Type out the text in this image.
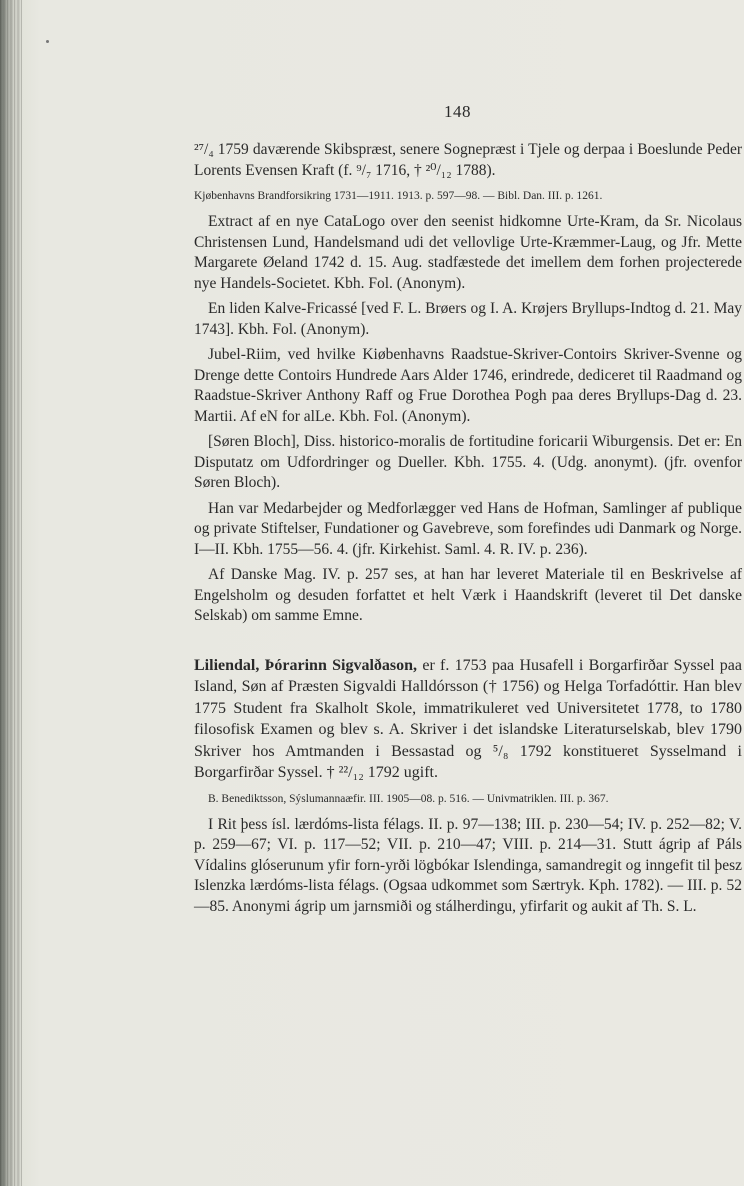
148

²⁷/₄ 1759 daværende Skibspræst, senere Sognepræst i Tjele og derpaa i Boeslunde Peder Lorents Evensen Kraft (f. ⁹/₇ 1716, † ²⁰/₁₂ 1788).

Kjøbenhavns Brandforsikring 1731—1911. 1913. p. 597—98. — Bibl. Dan. III. p. 1261.

Extract af en nye CataLogo over den seenist hidkomne Urte-Kram, da Sr. Nicolaus Christensen Lund, Handelsmand udi det vellovlige Urte-Kræmmer-Laug, og Jfr. Mette Margarete Øeland 1742 d. 15. Aug. stadfæstede det imellem dem forhen projecterede nye Handels-Societet. Kbh. Fol. (Anonym).

En liden Kalve-Fricassé [ved F. L. Brøers og I. A. Krøjers Bryllups-Indtog d. 21. May 1743]. Kbh. Fol. (Anonym).

Jubel-Riim, ved hvilke Kiøbenhavns Raadstue-Skriver-Contoirs Skriver-Svenne og Drenge dette Contoirs Hundrede Aars Alder 1746, erindrede, dediceret til Raadmand og Raadstue-Skriver Anthony Raff og Frue Dorothea Pogh paa deres Bryllups-Dag d. 23. Martii. Af eN for alLe. Kbh. Fol. (Anonym).

[Søren Bloch], Diss. historico-moralis de fortitudine foricarii Wiburgensis. Det er: En Disputatz om Udfordringer og Dueller. Kbh. 1755. 4. (Udg. anonymt). (jfr. ovenfor Søren Bloch).

Han var Medarbejder og Medforlægger ved Hans de Hofman, Samlinger af publique og private Stiftelser, Fundationer og Gavebreve, som forefindes udi Danmark og Norge. I—II. Kbh. 1755—56. 4. (jfr. Kirkehist. Saml. 4. R. IV. p. 236).

Af Danske Mag. IV. p. 257 ses, at han har leveret Materiale til en Beskrivelse af Engelsholm og desuden forfattet et helt Værk i Haandskrift (leveret til Det danske Selskab) om samme Emne.

Liliendal, Þórarinn Sigvalðason, er f. 1753 paa Husafell i Borgarfirðar Syssel paa Island, Søn af Præsten Sigvaldi Halldórsson († 1756) og Helga Torfadóttir. Han blev 1775 Student fra Skalholt Skole, immatrikuleret ved Universitetet 1778, to 1780 filosofisk Examen og blev s. A. Skriver i det islandske Literaturselskab, blev 1790 Skriver hos Amtmanden i Bessastad og ⁵/₈ 1792 konstitueret Sysselmand i Borgarfirðar Syssel. † ²²/₁₂ 1792 ugift.

B. Benediktsson, Sýslumannaæfir. III. 1905—08. p. 516. — Univmatriklen. III. p. 367.

I Rit þess ísl. lærdóms-lista félags. II. p. 97—138; III. p. 230—54; IV. p. 252—82; V. p. 259—67; VI. p. 117—52; VII. p. 210—47; VIII. p. 214—31. Stutt ágrip af Páls Vídalins glóserunum yfir forn-yrði lögbókar Islendinga, samandregit og inngefit til þesz Islenzka lærdóms-lista félags. (Ogsaa udkommet som Særtryk. Kph. 1782). — III. p. 52—85. Anonymi ágrip um jarnsmiði og stálherdingu, yfirfarit og aukit af Th. S. L.
